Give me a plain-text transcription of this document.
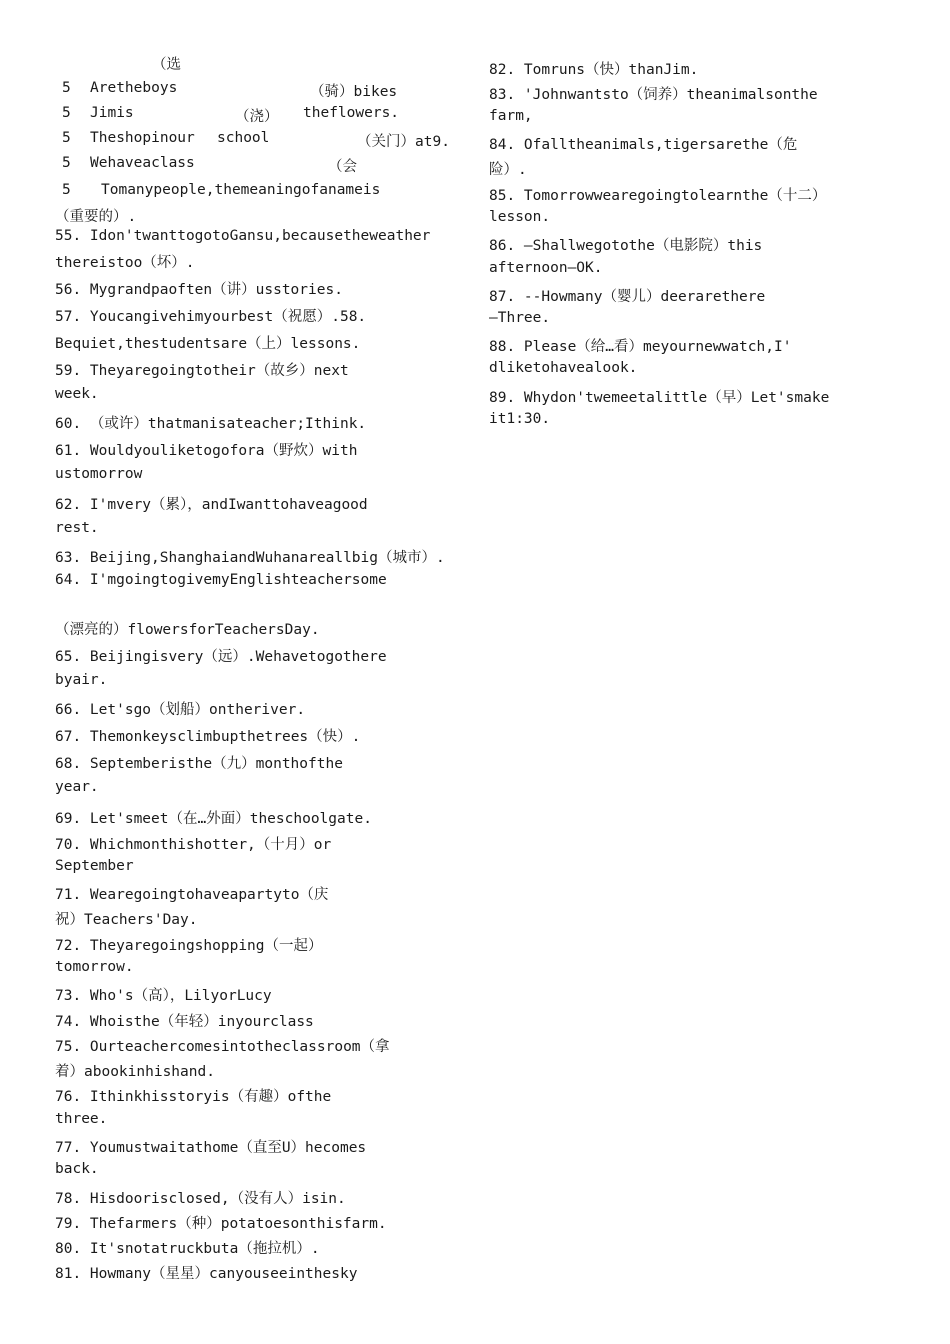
（选
5 Aretheboys	（骑）bikes
5 Jimis	（浇） theflowers.
5 Theshopinour school	（关门）at9.
5 Wehaveaclass	（会
5 Tomanypeople,themeaningofanameis
（重要的）.
55. Idon'twanttogotoGansu,becausetheweather
thereistoo（坏）.
56. Mygrandpaoften（讲）usstories.
57. Youcangivehimyourbest（祝愿）.58.
Bequiet,thestudentsare（上）lessons.
59. Theyaregoingtotheir（故乡）next
week.
60. （或许）thatmanisateacher;Ithink.
61. Wouldyouliketogofora（野炊）with
ustomorrow
62. I'mvery（累），andIwanttohaveagood
rest.
63. Beijing,ShanghaiandWuhanareallbig（城市）.
64. I'mgoingtogivemyEnglishteachersome
（漂亮的）flowersforTeachersDay.
65. Beijingisvery（远）.Wehavetogothere
byair.
66. Let'sgo（划船）ontheriver.
67. Themonkeysclimbupthetrees（快）.
68. Septemberisthe（九）monthofthe
year.
69. Let'smeet（在…外面）theschoolgate.
70. Whichmonthishotter,（十月）or
September
71. Wearegoingtohaveapartyto（庆
祝）Teachers'Day.
72. Theyaregoingshopping（一起）
tomorrow.
73. Who's（高），LilyorLucy
74. Whoisthe（年轻）inyourclass
75. Ourteachercomesintotheclassroom（拿
着）abookinhishand.
76. Ithinkhisstoryis（有趣）ofthe
three.
77. Youmustwaitathome（直至U）hecomes
back.
78. Hisdoorisclosed,（没有人）isin.
79. Thefarmers（种）potatoesonthisfarm.
80. It'snotatruckbuta（拖拉机）.
81. Howmany（星星）canyouseeinthesky
82. Tomruns（快）thanJim.
83. 'Johnwantsto（饲养）theanimalsonthe
farm,
84. Ofalltheanimals,tigersarethe（危
险）.
85. Tomorrowwearegoingtolearnthe（十二）
lesson.
86. —Shallwegotothe（电影院）this
afternoon—OK.
87. --Howmany（婴儿）deerarethere
—Three.
88. Please（给…看）meyournewwatch,I'
dliketohavealook.
89. Whydon'twemeetalittle（早）Let'smake
it1:30.
